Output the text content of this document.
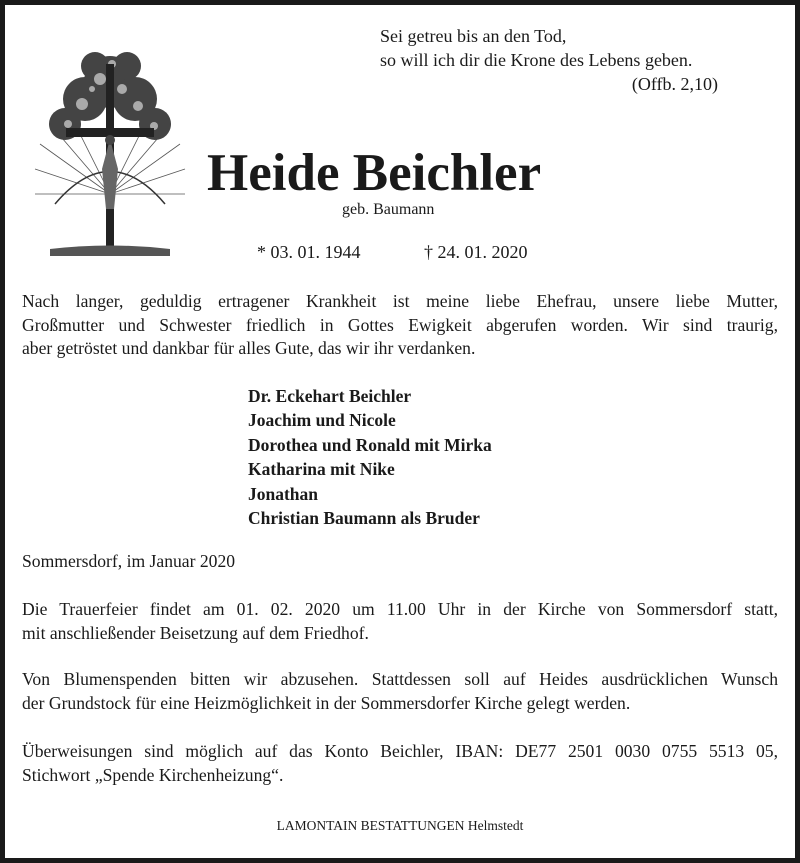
Sei getreu bis an den Tod,
so will ich dir die Krone des Lebens geben.
(Offb. 2,10)
Heide Beichler
geb. Baumann
* 03. 01. 1944	† 24. 01. 2020
Nach langer, geduldig ertragener Krankheit ist meine liebe Ehefrau, unsere liebe Mutter,
Großmutter und Schwester friedlich in Gottes Ewigkeit abgerufen worden. Wir sind traurig,
aber getröstet und dankbar für alles Gute, das wir ihr verdanken.
Dr. Eckehart Beichler
Joachim und Nicole
Dorothea und Ronald mit Mirka
Katharina mit Nike
Jonathan
Christian Baumann als Bruder
Sommersdorf, im Januar 2020
Die Trauerfeier findet am 01. 02. 2020 um 11.00 Uhr in der Kirche von Sommersdorf statt,
mit anschließender Beisetzung auf dem Friedhof.
Von Blumenspenden bitten wir abzusehen. Stattdessen soll auf Heides ausdrücklichen Wunsch
der Grundstock für eine Heizmöglichkeit in der Sommersdorfer Kirche gelegt werden.
Überweisungen sind möglich auf das Konto Beichler, IBAN: DE77 2501 0030 0755 5513 05,
Stichwort „Spende Kirchenheizung“.
LAMONTAIN BESTATTUNGEN Helmstedt
